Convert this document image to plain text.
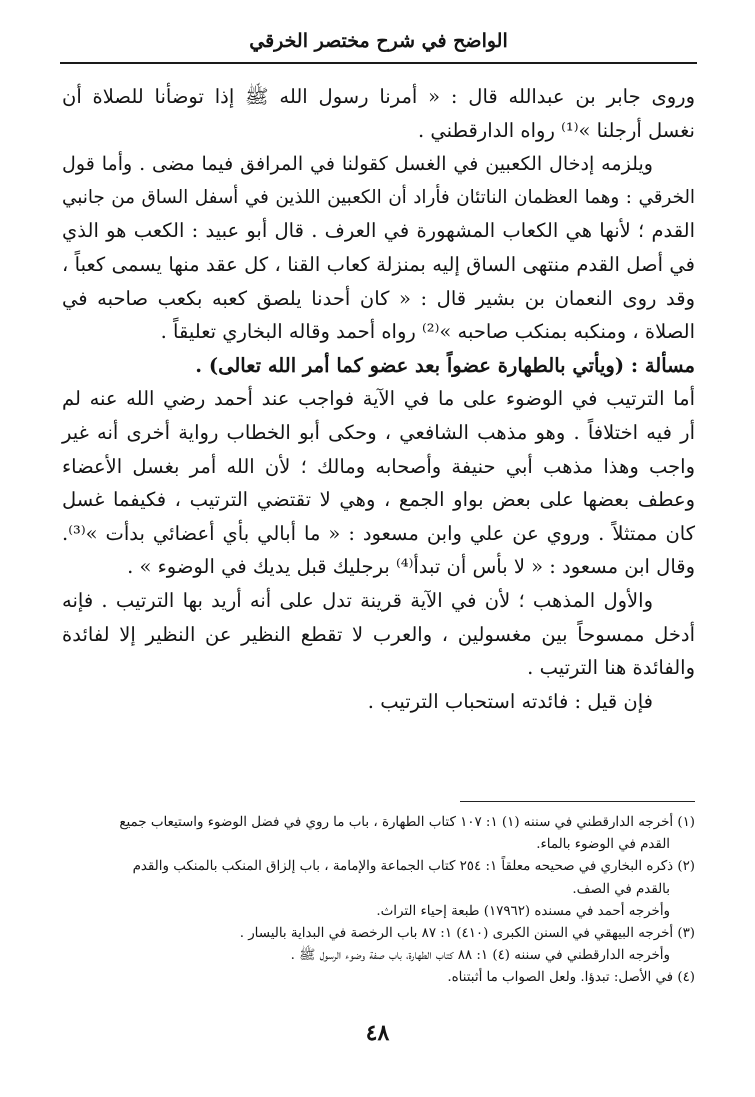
الواضح في شرح مختصر الخرقي
وروى جابر بن عبدالله قال : « أمرنا رسول الله ﷺ إذا توضأنا للصلاة أن
نغسل أرجلنا »⁽¹⁾ رواه الدارقطني .
ويلزمه إدخال الكعبين في الغسل كقولنا في المرافق فيما مضى . وأما قول
الخرقي : وهما العظمان الناتئان فأراد أن الكعبين اللذين في أسفل الساق من جانبي
القدم ؛ لأنها هي الكعاب المشهورة في العرف . قال أبو عبيد : الكعب هو الذي
في أصل القدم منتهى الساق إليه بمنزلة كعاب القنا ، كل عقد منها يسمى كعباً ،
وقد روى النعمان بن بشير قال : « كان أحدنا يلصق كعبه بكعب صاحبه في
الصلاة ، ومنكبه بمنكب صاحبه »⁽²⁾ رواه أحمد وقاله البخاري تعليقاً .
مسألة : (ويأتي بالطهارة عضواً بعد عضو كما أمر الله تعالى) .
أما الترتيب في الوضوء على ما في الآية فواجب عند أحمد رضي الله عنه لم
أر فيه اختلافاً . وهو مذهب الشافعي ، وحكى أبو الخطاب رواية أخرى أنه غير
واجب وهذا مذهب أبي حنيفة وأصحابه ومالك ؛ لأن الله أمر بغسل الأعضاء
وعطف بعضها على بعض بواو الجمع ، وهي لا تقتضي الترتيب ، فكيفما غسل
كان ممتثلاً . وروي عن علي وابن مسعود : « ما أبالي بأي أعضائي بدأت »⁽³⁾.
وقال ابن مسعود : « لا بأس أن تبدأ⁽⁴⁾ برجليك قبل يديك في الوضوء » .
والأول المذهب ؛ لأن في الآية قرينة تدل على أنه أريد بها الترتيب . فإنه
أدخل ممسوحاً بين مغسولين ، والعرب لا تقطع النظير عن النظير إلا لفائدة
والفائدة هنا الترتيب .
فإن قيل : فائدته استحباب الترتيب .
(١) أخرجه الدارقطني في سننه (١) ١: ١٠٧ كتاب الطهارة ، باب ما روي في فضل الوضوء واستيعاب جميع
القدم في الوضوء بالماء.
(٢) ذكره البخاري في صحيحه معلقاً ١: ٢٥٤ كتاب الجماعة والإمامة ، باب إلزاق المنكب بالمنكب والقدم
بالقدم في الصف.
وأخرجه أحمد في مسنده (١٧٩٦٢) طبعة إحياء التراث.
(٣) أخرجه البيهقي في السنن الكبرى (٤١٠) ١: ٨٧ باب الرخصة في البداية باليسار .
وأخرجه الدارقطني في سننه (٤) ١: ٨٨ كتاب الطهارة، باب صفة وضوء الرسول ﷺ .
(٤) في الأصل: تبدؤا. ولعل الصواب ما أثبتناه.
٤٨
